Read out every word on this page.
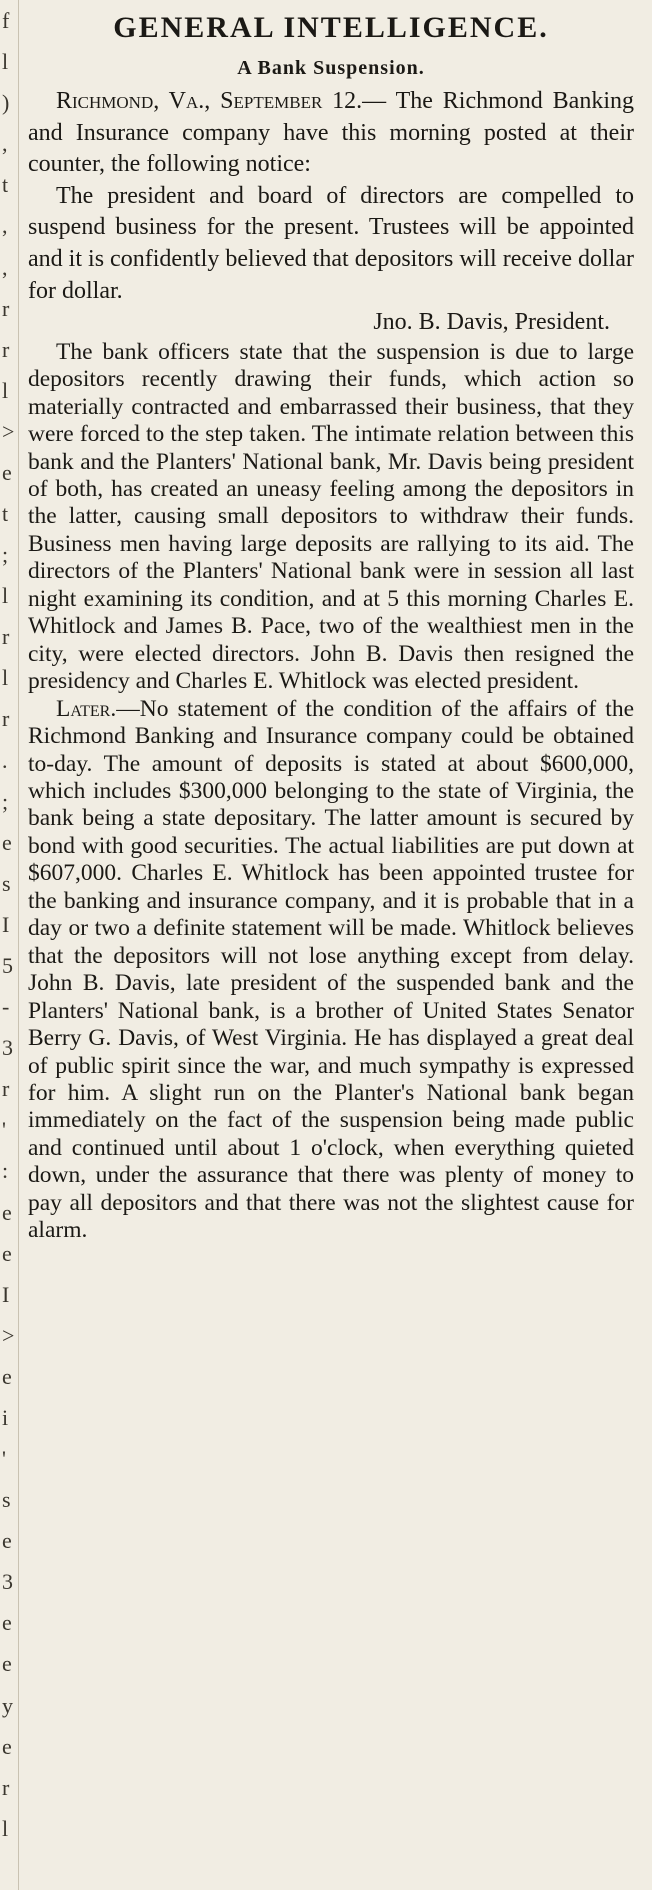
f
l
)
,
t
,
,
r
r
l
>
e
t
;
l
r
l
r
.
;
e
s
I
5
-
3
r
'
:
e
e
I
>
e
i
'
s
e
3
e
e
y
e
r
l
GENERAL INTELLIGENCE.
A Bank Suspension.

Richmond, Va., September 12.— The Richmond Banking and Insurance company have this morning posted at their counter, the following notice:

The president and board of directors are compelled to suspend business for the present. Trustees will be appointed and it is confidently believed that depositors will receive dollar for dollar.

Jno. B. Davis, President.

The bank officers state that the suspension is due to large depositors recently drawing their funds, which action so materially contracted and embarrassed their business, that they were forced to the step taken. The intimate relation between this bank and the Planters' National bank, Mr. Davis being president of both, has created an uneasy feeling among the depositors in the latter, causing small depositors to withdraw their funds. Business men having large deposits are rallying to its aid. The directors of the Planters' National bank were in session all last night examining its condition, and at 5 this morning Charles E. Whitlock and James B. Pace, two of the wealthiest men in the city, were elected directors. John B. Davis then resigned the presidency and Charles E. Whitlock was elected president.

Later.—No statement of the condition of the affairs of the Richmond Banking and Insurance company could be obtained to-day. The amount of deposits is stated at about $600,000, which includes $300,000 belonging to the state of Virginia, the bank being a state depositary. The latter amount is secured by bond with good securities. The actual liabilities are put down at $607,000. Charles E. Whitlock has been appointed trustee for the banking and insurance company, and it is probable that in a day or two a definite statement will be made. Whitlock believes that the depositors will not lose anything except from delay. John B. Davis, late president of the suspended bank and the Planters' National bank, is a brother of United States Senator Berry G. Davis, of West Virginia. He has displayed a great deal of public spirit since the war, and much sympathy is expressed for him. A slight run on the Planter's National bank began immediately on the fact of the suspension being made public and continued until about 1 o'clock, when everything quieted down, under the assurance that there was plenty of money to pay all depositors and that there was not the slightest cause for alarm.
